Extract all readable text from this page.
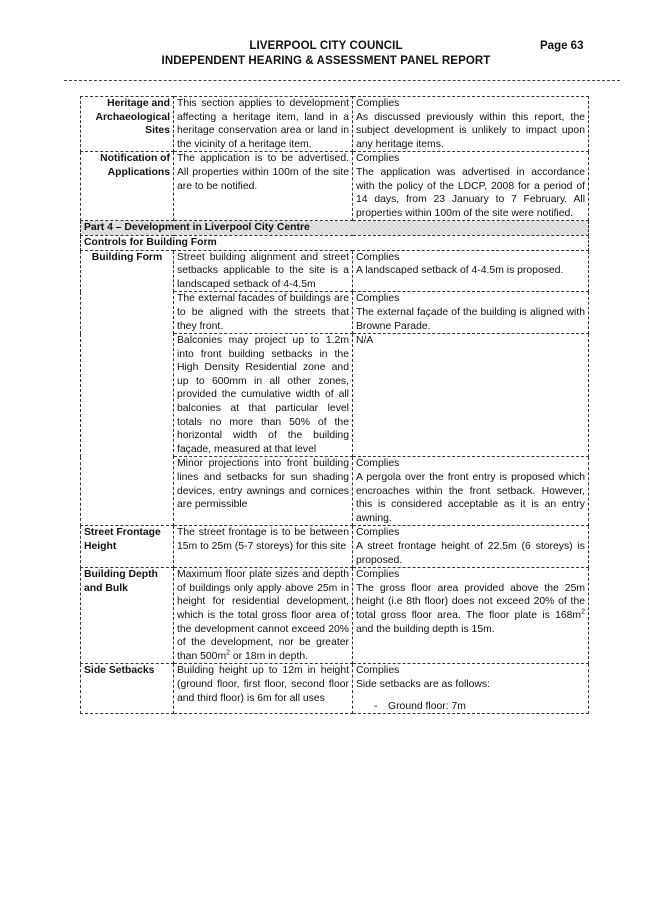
LIVERPOOL CITY COUNCIL
INDEPENDENT HEARING & ASSESSMENT PANEL REPORT
Page 63
Heritage and Archaeological Sites	This section applies to development affecting a heritage item, land in a heritage conservation area or land in the vicinity of a heritage item.	Complies
As discussed previously within this report, the subject development is unlikely to impact upon any heritage items.

Notification of Applications	The application is to be advertised. All properties within 100m of the site are to be notified.	Complies
The application was advertised in accordance with the policy of the LDCP, 2008 for a period of 14 days, from 23 January to 7 February. All properties within 100m of the site were notified.

Part 4 – Development in Liverpool City Centre		
Controls for Building Form		
Building Form	Street building alignment and street setbacks applicable to the site is a landscaped setback of 4-4.5m	Complies
A landscaped setback of 4-4.5m is proposed.

	The external facades of buildings are to be aligned with the streets that they front.	Complies
The external façade of the building is aligned with Browne Parade.

	Balconies may project up to 1.2m into front building setbacks in the High Density Residential zone and up to 600mm in all other zones, provided the cumulative width of all balconies at that particular level totals no more than 50% of the horizontal width of the building façade, measured at that level	N/A

	Minor projections into front building lines and setbacks for sun shading devices, entry awnings and cornices are permissible	Complies
A pergola over the front entry is proposed which encroaches within the front setback. However, this is considered acceptable as it is an entry awning.

Street Frontage Height	The street frontage is to be between 15m to 25m (5-7 storeys) for this site	Complies
A street frontage height of 22.5m (6 storeys) is proposed.

Building Depth and Bulk	Maximum floor plate sizes and depth of buildings only apply above 25m in height for residential development, which is the total gross floor area of the development cannot exceed 20% of the development, nor be greater than $500m^2$ or 18m in depth.	Complies
The gross floor area provided above the 25m height (i.e 8th floor) does not exceed 20% of the total gross floor area. The floor plate is $168m^2$ and the building depth is 15m.

Side Setbacks	Building height up to 12m in height (ground floor, first floor, second floor and third floor) is 6m for all uses	Complies
Side setbacks are as follows:
- Ground floor: 7m
